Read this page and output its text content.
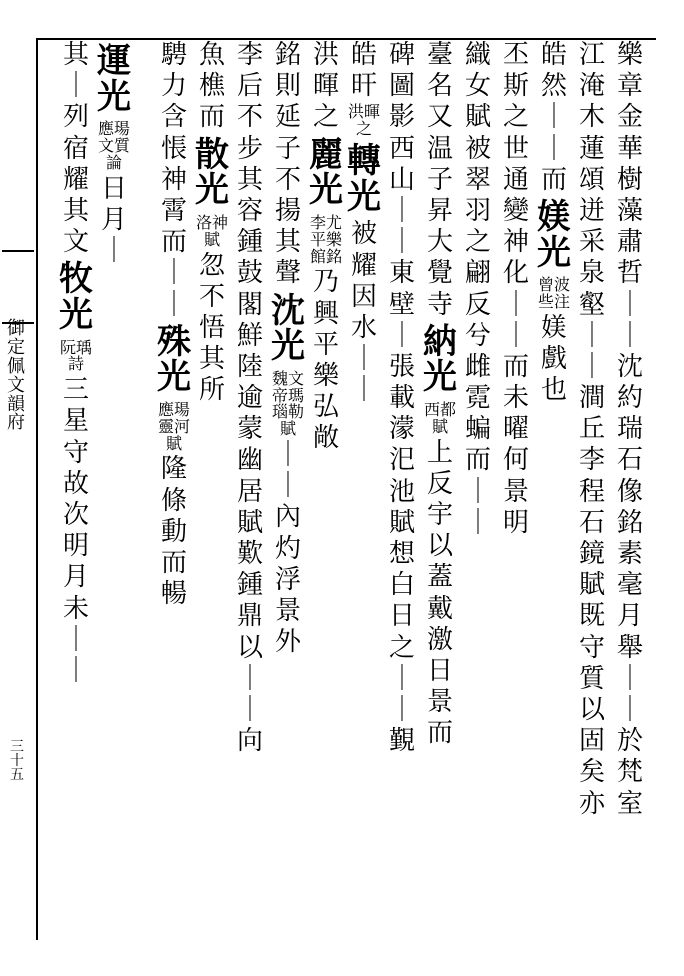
御定佩文韻府
三十五
樂章金華樹藻肅哲｜｜沈約瑞石像銘素毫月舉｜｜於梵室
江淹木蓮頌迸采泉壑｜｜澗丘李程石鏡賦既守質以固矣亦
皓然｜｜而
媄光
曾波些注
媄戲也
丕斯之世通變神化｜｜而未曜何景明
織女賦被翠羽之翩反兮雌霓蝙而｜｜
臺名又温子昇大覺寺
納光
西都賦
上反宇以蓋戴激日景而
碑圖影西山｜｜東壁
｜張載濛汜池賦想白日之｜｜覲
皓旰
洪暉之
轉光
被耀因水｜｜
洪暉之
麗光
李尤平樂館銘
乃興平樂弘敞
銘則延子不揚其聲
沈光
魏文帝瑪瑙勒賦
｜｜內灼浮景外
李后不步其容鍾鼓閣
鮮陸逾蒙幽居賦歎鍾鼎以｜｜向
魚樵而
散光
洛神賦
忽不悟其所
騁力
含悵神霄而｜｜
殊光
應瑒靈河賦
隆條動而暢
運光
應瑒文質論
日月｜
其｜列宿耀其文
牧光
阮瑀詩
三星守故次明月未｜｜
